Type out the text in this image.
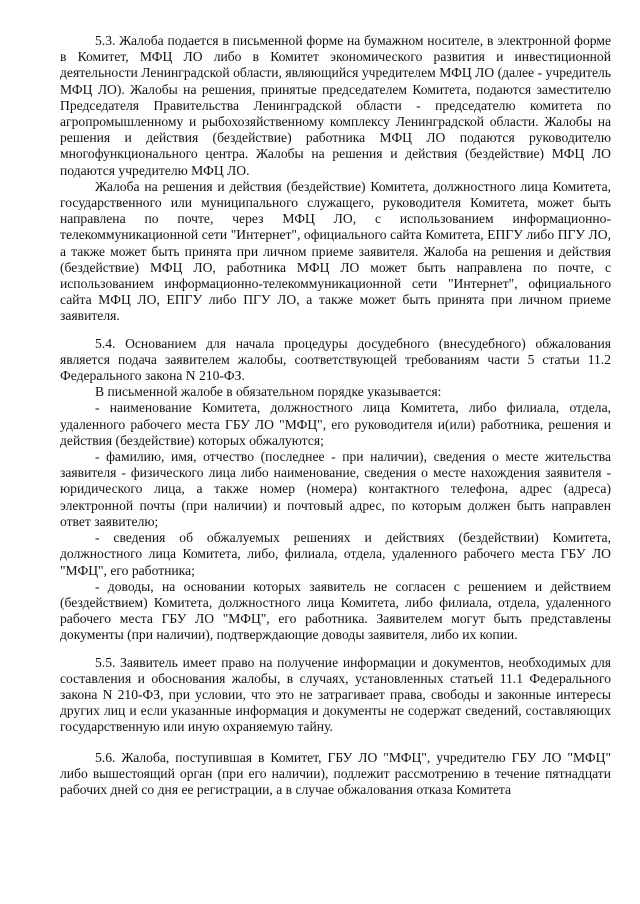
5.3. Жалоба подается в письменной форме на бумажном носителе, в электронной форме в Комитет, МФЦ ЛО либо в Комитет экономического развития и инвестиционной деятельности Ленинградской области, являющийся учредителем МФЦ ЛО (далее - учредитель МФЦ ЛО). Жалобы на решения, принятые председателем Комитета, подаются заместителю Председателя Правительства Ленинградской области - председателю комитета по агропромышленному и рыбохозяйственному комплексу Ленинградской области. Жалобы на решения и действия (бездействие) работника МФЦ ЛО подаются руководителю многофункционального центра. Жалобы на решения и действия (бездействие) МФЦ ЛО подаются учредителю МФЦ ЛО.

Жалоба на решения и действия (бездействие) Комитета, должностного лица Комитета, государственного или муниципального служащего, руководителя Комитета, может быть направлена по почте, через МФЦ ЛО, с использованием информационно-телекоммуникационной сети "Интернет", официального сайта Комитета, ЕПГУ либо ПГУ ЛО, а также может быть принята при личном приеме заявителя. Жалоба на решения и действия (бездействие) МФЦ ЛО, работника МФЦ ЛО может быть направлена по почте, с использованием информационно-телекоммуникационной сети "Интернет", официального сайта МФЦ ЛО, ЕПГУ либо ПГУ ЛО, а также может быть принята при личном приеме заявителя.

5.4. Основанием для начала процедуры досудебного (внесудебного) обжалования является подача заявителем жалобы, соответствующей требованиям части 5 статьи 11.2 Федерального закона N 210-ФЗ.

В письменной жалобе в обязательном порядке указывается:

- наименование Комитета, должностного лица Комитета, либо филиала, отдела, удаленного рабочего места ГБУ ЛО "МФЦ", его руководителя и(или) работника, решения и действия (бездействие) которых обжалуются;

- фамилию, имя, отчество (последнее - при наличии), сведения о месте жительства заявителя - физического лица либо наименование, сведения о месте нахождения заявителя - юридического лица, а также номер (номера) контактного телефона, адрес (адреса) электронной почты (при наличии) и почтовый адрес, по которым должен быть направлен ответ заявителю;

- сведения об обжалуемых решениях и действиях (бездействии) Комитета, должностного лица Комитета, либо, филиала, отдела, удаленного рабочего места ГБУ ЛО "МФЦ", его работника;

- доводы, на основании которых заявитель не согласен с решением и действием (бездействием) Комитета, должностного лица Комитета, либо филиала, отдела, удаленного рабочего места ГБУ ЛО "МФЦ", его работника. Заявителем могут быть представлены документы (при наличии), подтверждающие доводы заявителя, либо их копии.

5.5. Заявитель имеет право на получение информации и документов, необходимых для составления и обоснования жалобы, в случаях, установленных статьей 11.1 Федерального закона N 210-ФЗ, при условии, что это не затрагивает права, свободы и законные интересы других лиц и если указанные информация и документы не содержат сведений, составляющих государственную или иную охраняемую тайну.

5.6. Жалоба, поступившая в Комитет, ГБУ ЛО "МФЦ", учредителю ГБУ ЛО "МФЦ" либо вышестоящий орган (при его наличии), подлежит рассмотрению в течение пятнадцати рабочих дней со дня ее регистрации, а в случае обжалования отказа Комитета
